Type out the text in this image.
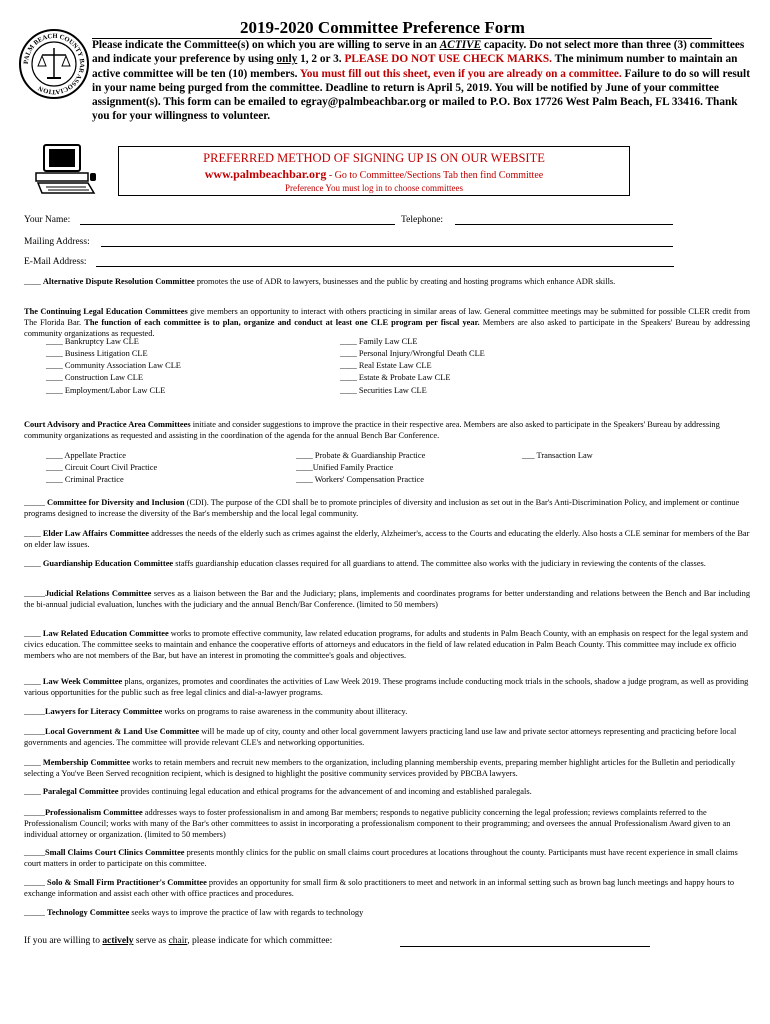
PALM BEACH COUNTY BAR ASSOCIATION
2019-2020 Committee Preference Form
Please indicate the Committee(s) on which you are willing to serve in an ACTIVE capacity. Do not select more than three (3) committees and indicate your preference by using only 1, 2 or 3. PLEASE DO NOT USE CHECK MARKS. The minimum number to maintain an active committee will be ten (10) members. You must fill out this sheet, even if you are already on a committee. Failure to do so will result in your name being purged from the committee. Deadline to return is April 5, 2019. You will be notified by June of your committee assignment(s). This form can be emailed to egray@palmbeachbar.org or mailed to P.O. Box 17726 West Palm Beach, FL 33416. Thank you for your willingness to volunteer.
PREFERRED METHOD OF SIGNING UP IS ON OUR WEBSITE
www.palmbeachbar.org - Go to Committee/Sections Tab then find Committee
Preference You must log in to choose committees
Your Name:	Telephone:
Mailing Address:
E-Mail Address:
____ Alternative Dispute Resolution Committee promotes the use of ADR to lawyers, businesses and the public by creating and hosting programs which enhance ADR skills.
The Continuing Legal Education Committees give members an opportunity to interact with others practicing in similar areas of law. General committee meetings may be submitted for possible CLER credit from The Florida Bar. The function of each committee is to plan, organize and conduct at least one CLE program per fiscal year. Members are also asked to participate in the Speakers' Bureau by addressing community organizations as requested.
____ Bankruptcy Law CLE
____ Business Litigation CLE
____ Community Association Law CLE
____ Construction Law CLE
____ Employment/Labor Law CLE
____ Family Law CLE
____ Personal Injury/Wrongful Death CLE
____ Real Estate Law CLE
____ Estate & Probate Law CLE
____ Securities Law CLE
Court Advisory and Practice Area Committees initiate and consider suggestions to improve the practice in their respective area. Members are also asked to participate in the Speakers' Bureau by addressing community organizations as requested and assisting in the coordination of the agenda for the annual Bench Bar Conference.
____ Appellate Practice
____ Circuit Court Civil Practice
____ Criminal Practice
____ Probate & Guardianship Practice
____Unified Family Practice
____ Workers' Compensation Practice
___ Transaction Law
_____ Committee for Diversity and Inclusion (CDI). The purpose of the CDI shall be to promote principles of diversity and inclusion as set out in the Bar's Anti-Discrimination Policy, and implement or continue programs designed to increase the diversity of the Bar's membership and the local legal community.
____ Elder Law Affairs Committee addresses the needs of the elderly such as crimes against the elderly, Alzheimer's, access to the Courts and educating the elderly. Also hosts a CLE seminar for members of the Bar on elder law issues.
____ Guardianship Education Committee staffs guardianship education classes required for all guardians to attend. The committee also works with the judiciary in reviewing the contents of the classes.
_____Judicial Relations Committee serves as a liaison between the Bar and the Judiciary; plans, implements and coordinates programs for better understanding and relations between the Bench and Bar including the bi-annual judicial evaluation, lunches with the judiciary and the annual Bench/Bar Conference. (limited to 50 members)
____ Law Related Education Committee works to promote effective community, law related education programs, for adults and students in Palm Beach County, with an emphasis on respect for the legal system and civics education. The committee seeks to maintain and enhance the cooperative efforts of attorneys and educators in the field of law related education in Palm Beach County. This committee may include ex officio members who are not members of the Bar, but have an interest in promoting the committee's goals and objectives.
____ Law Week Committee plans, organizes, promotes and coordinates the activities of Law Week 2019. These programs include conducting mock trials in the schools, shadow a judge program, as well as providing various opportunities for the public such as free legal clinics and dial-a-lawyer programs.
_____Lawyers for Literacy Committee works on programs to raise awareness in the community about illiteracy.
_____Local Government & Land Use Committee will be made up of city, county and other local government lawyers practicing land use law and private sector attorneys representing and practicing before local governments and agencies. The committee will provide relevant CLE's and networking opportunities.
____ Membership Committee works to retain members and recruit new members to the organization, including planning membership events, preparing member highlight articles for the Bulletin and periodically selecting a You've Been Served recognition recipient, which is designed to highlight the positive community services provided by PBCBA lawyers.
____ Paralegal Committee provides continuing legal education and ethical programs for the advancement of and incoming and established paralegals.
_____Professionalism Committee addresses ways to foster professionalism in and among Bar members; responds to negative publicity concerning the legal profession; reviews complaints referred to the Professionalism Council; works with many of the Bar's other committees to assist in incorporating a professionalism component to their programming; and oversees the annual Professionalism Award given to an individual attorney or organization. (limited to 50 members)
_____Small Claims Court Clinics Committee presents monthly clinics for the public on small claims court procedures at locations throughout the county. Participants must have recent experience in small claims court matters in order to participate on this committee.
_____ Solo & Small Firm Practitioner's Committee provides an opportunity for small firm & solo practitioners to meet and network in an informal setting such as brown bag lunch meetings and happy hours to exchange information and assist each other with office practices and procedures.
_____ Technology Committee seeks ways to improve the practice of law with regards to technology
If you are willing to actively serve as chair, please indicate for which committee:
